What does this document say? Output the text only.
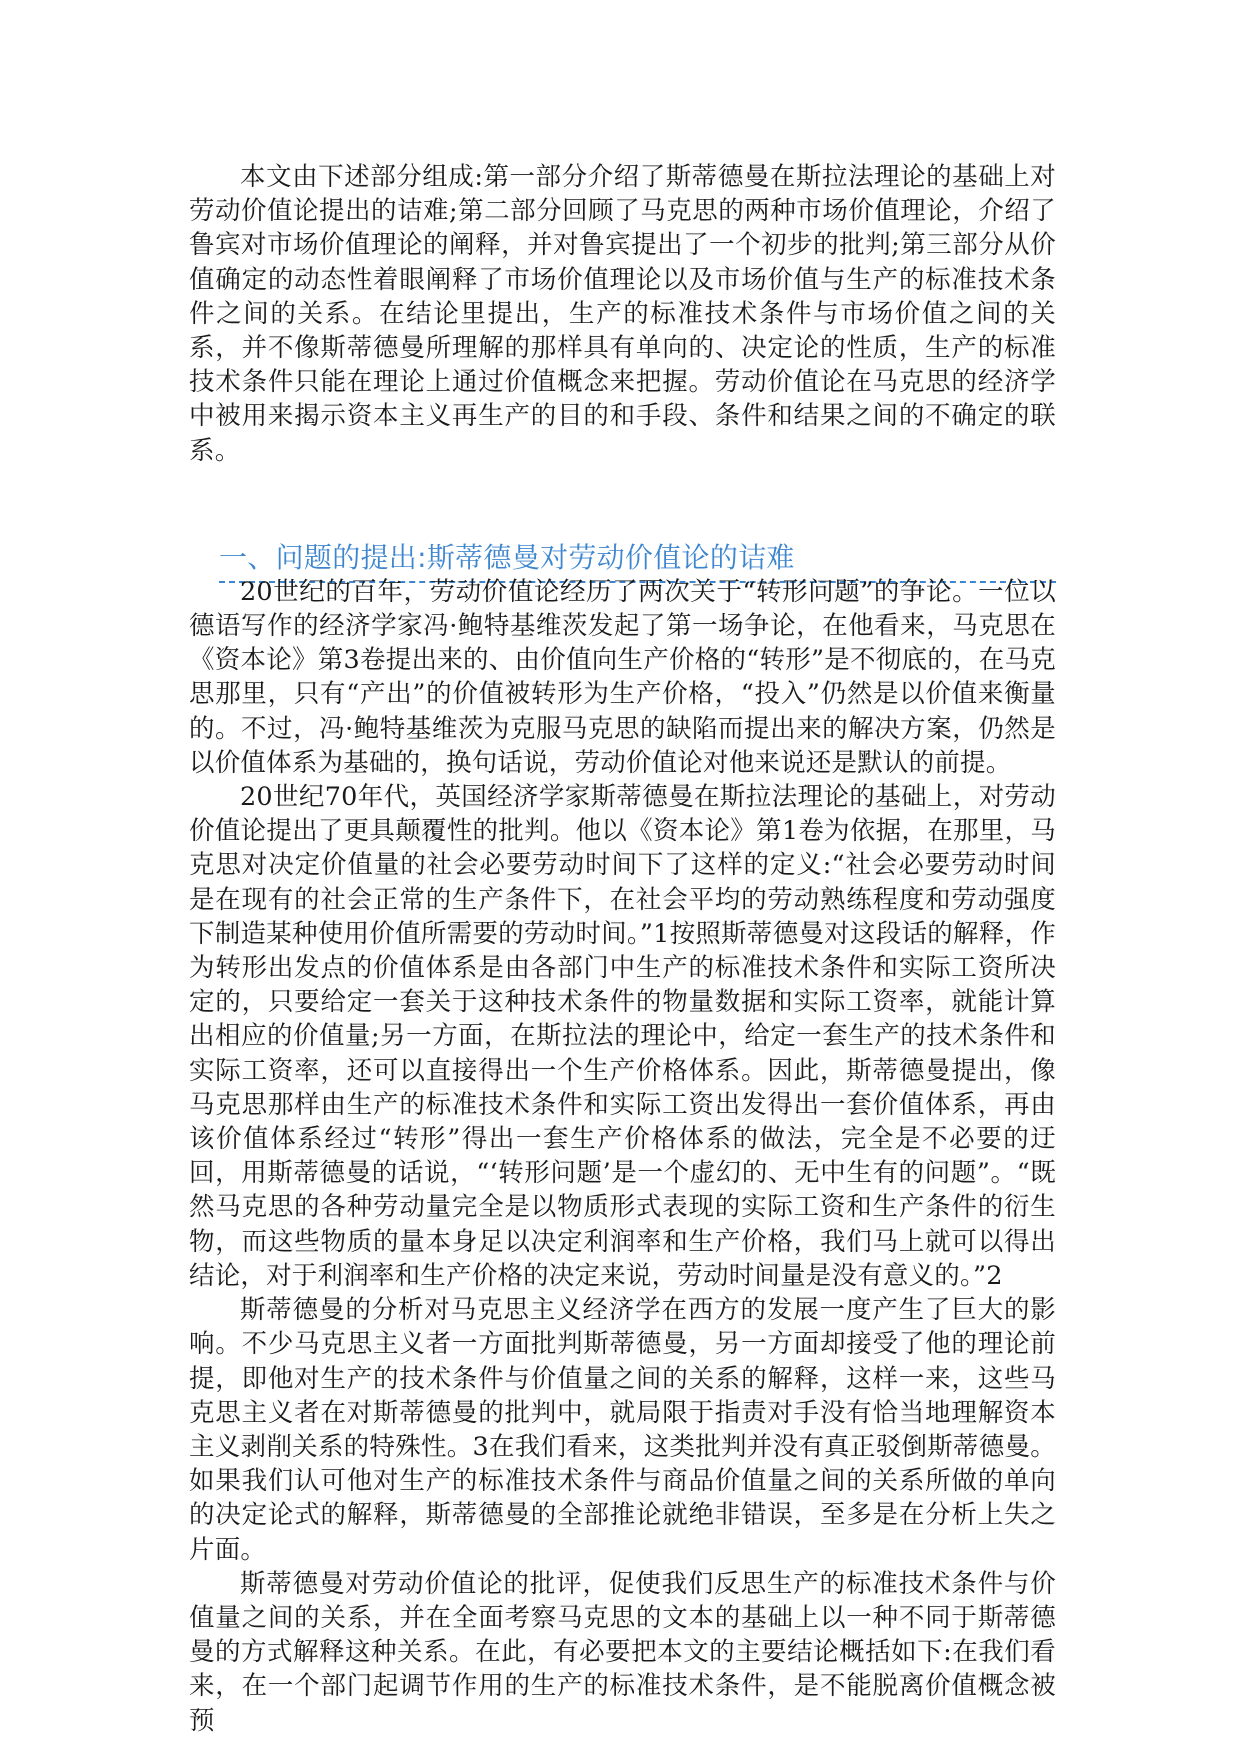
本文由下述部分组成:第一部分介绍了斯蒂德曼在斯拉法理论的基础上对劳动价值论提出的诘难;第二部分回顾了马克思的两种市场价值理论，介绍了鲁宾对市场价值理论的阐释，并对鲁宾提出了一个初步的批判;第三部分从价值确定的动态性着眼阐释了市场价值理论以及市场价值与生产的标准技术条件之间的关系。在结论里提出，生产的标准技术条件与市场价值之间的关系，并不像斯蒂德曼所理解的那样具有单向的、决定论的性质，生产的标准技术条件只能在理论上通过价值概念来把握。劳动价值论在马克思的经济学中被用来揭示资本主义再生产的目的和手段、条件和结果之间的不确定的联系。

一、问题的提出:斯蒂德曼对劳动价值论的诘难

20世纪的百年，劳动价值论经历了两次关于“转形问题”的争论。一位以德语写作的经济学家冯·鲍特基维茨发起了第一场争论，在他看来，马克思在《资本论》第3卷提出来的、由价值向生产价格的“转形”是不彻底的，在马克思那里，只有“产出”的价值被转形为生产价格，“投入”仍然是以价值来衡量的。不过，冯·鲍特基维茨为克服马克思的缺陷而提出来的解决方案，仍然是以价值体系为基础的，换句话说，劳动价值论对他来说还是默认的前提。

20世纪70年代，英国经济学家斯蒂德曼在斯拉法理论的基础上，对劳动价值论提出了更具颠覆性的批判。他以《资本论》第1卷为依据，在那里，马克思对决定价值量的社会必要劳动时间下了这样的定义:“社会必要劳动时间是在现有的社会正常的生产条件下，在社会平均的劳动熟练程度和劳动强度下制造某种使用价值所需要的劳动时间。”1按照斯蒂德曼对这段话的解释，作为转形出发点的价值体系是由各部门中生产的标准技术条件和实际工资所决定的，只要给定一套关于这种技术条件的物量数据和实际工资率，就能计算出相应的价值量;另一方面，在斯拉法的理论中，给定一套生产的技术条件和实际工资率，还可以直接得出一个生产价格体系。因此，斯蒂德曼提出，像马克思那样由生产的标准技术条件和实际工资出发得出一套价值体系，再由该价值体系经过“转形”得出一套生产价格体系的做法，完全是不必要的迂回，用斯蒂德曼的话说，“‘转形问题’是一个虚幻的、无中生有的问题”。“既然马克思的各种劳动量完全是以物质形式表现的实际工资和生产条件的衍生物，而这些物质的量本身足以决定利润率和生产价格，我们马上就可以得出结论，对于利润率和生产价格的决定来说，劳动时间量是没有意义的。”2

斯蒂德曼的分析对马克思主义经济学在西方的发展一度产生了巨大的影响。不少马克思主义者一方面批判斯蒂德曼，另一方面却接受了他的理论前提，即他对生产的技术条件与价值量之间的关系的解释，这样一来，这些马克思主义者在对斯蒂德曼的批判中，就局限于指责对手没有恰当地理解资本主义剥削关系的特殊性。3在我们看来，这类批判并没有真正驳倒斯蒂德曼。如果我们认可他对生产的标准技术条件与商品价值量之间的关系所做的单向的决定论式的解释，斯蒂德曼的全部推论就绝非错误，至多是在分析上失之片面。

斯蒂德曼对劳动价值论的批评，促使我们反思生产的标准技术条件与价值量之间的关系，并在全面考察马克思的文本的基础上以一种不同于斯蒂德曼的方式解释这种关系。在此，有必要把本文的主要结论概括如下:在我们看来，在一个部门起调节作用的生产的标准技术条件，是不能脱离价值概念被预
